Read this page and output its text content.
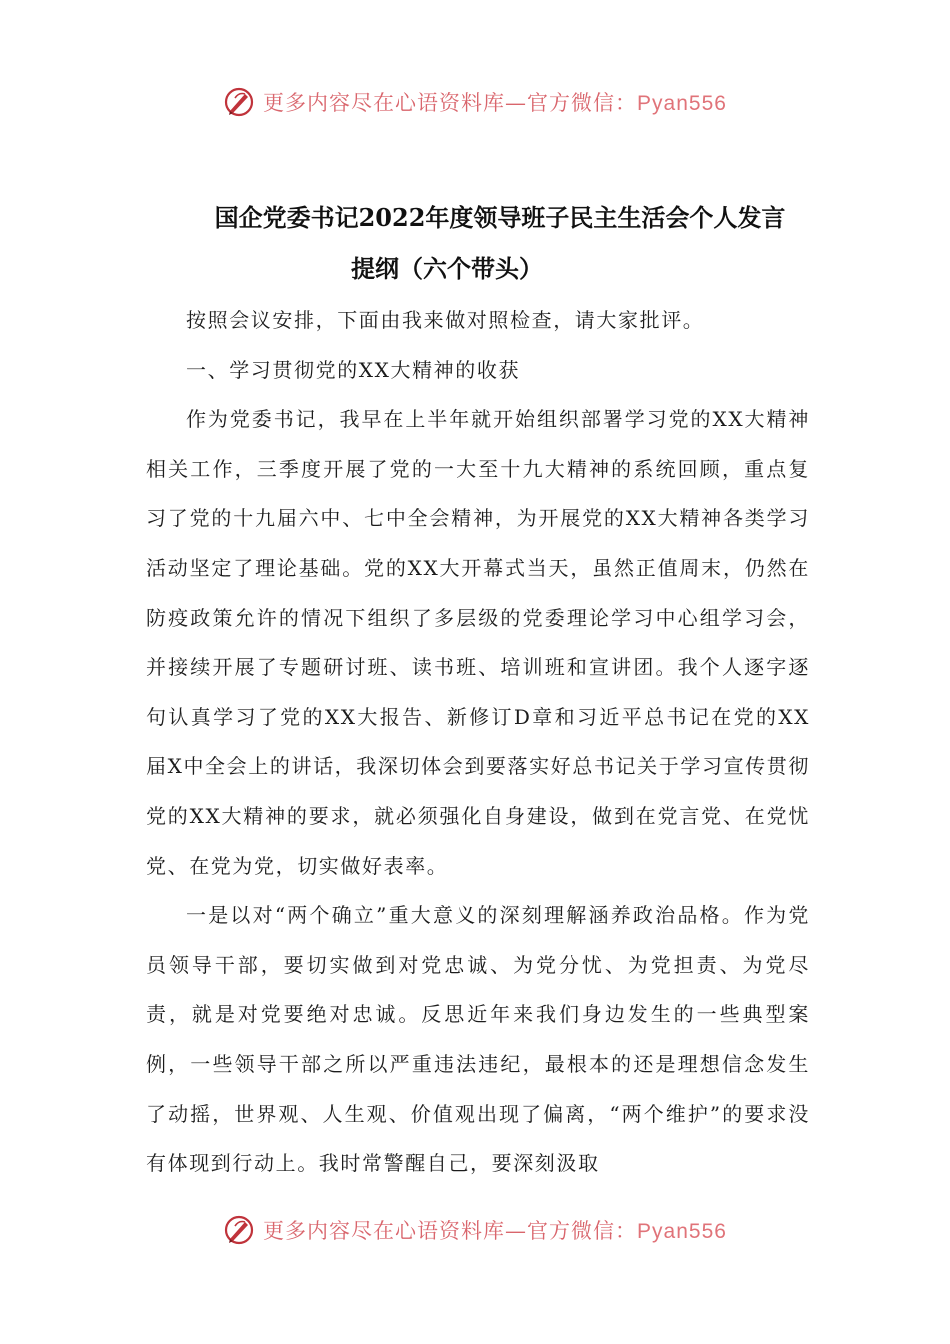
更多内容尽在心语资料库—官方微信：Pyan556
国企党委书记2022年度领导班子民主生活会个人发言
提纲（六个带头）

按照会议安排，下面由我来做对照检查，请大家批评。

一、学习贯彻党的XX大精神的收获

作为党委书记，我早在上半年就开始组织部署学习党的XX大精神相关工作，三季度开展了党的一大至十九大精神的系统回顾，重点复习了党的十九届六中、七中全会精神，为开展党的XX大精神各类学习活动坚定了理论基础。党的XX大开幕式当天，虽然正值周末，仍然在防疫政策允许的情况下组织了多层级的党委理论学习中心组学习会，并接续开展了专题研讨班、读书班、培训班和宣讲团。我个人逐字逐句认真学习了党的XX大报告、新修订D章和习近平总书记在党的XX届X中全会上的讲话，我深切体会到要落实好总书记关于学习宣传贯彻党的XX大精神的要求，就必须强化自身建设，做到在党言党、在党忧党、在党为党，切实做好表率。

一是以对“两个确立”重大意义的深刻理解涵养政治品格。作为党员领导干部，要切实做到对党忠诚、为党分忧、为党担责、为党尽责，就是对党要绝对忠诚。反思近年来我们身边发生的一些典型案例，一些领导干部之所以严重违法违纪，最根本的还是理想信念发生了动摇，世界观、人生观、价值观出现了偏离，“两个维护”的要求没有体现到行动上。我时常警醒自己，要深刻汲取

更多内容尽在心语资料库—官方微信：Pyan556
